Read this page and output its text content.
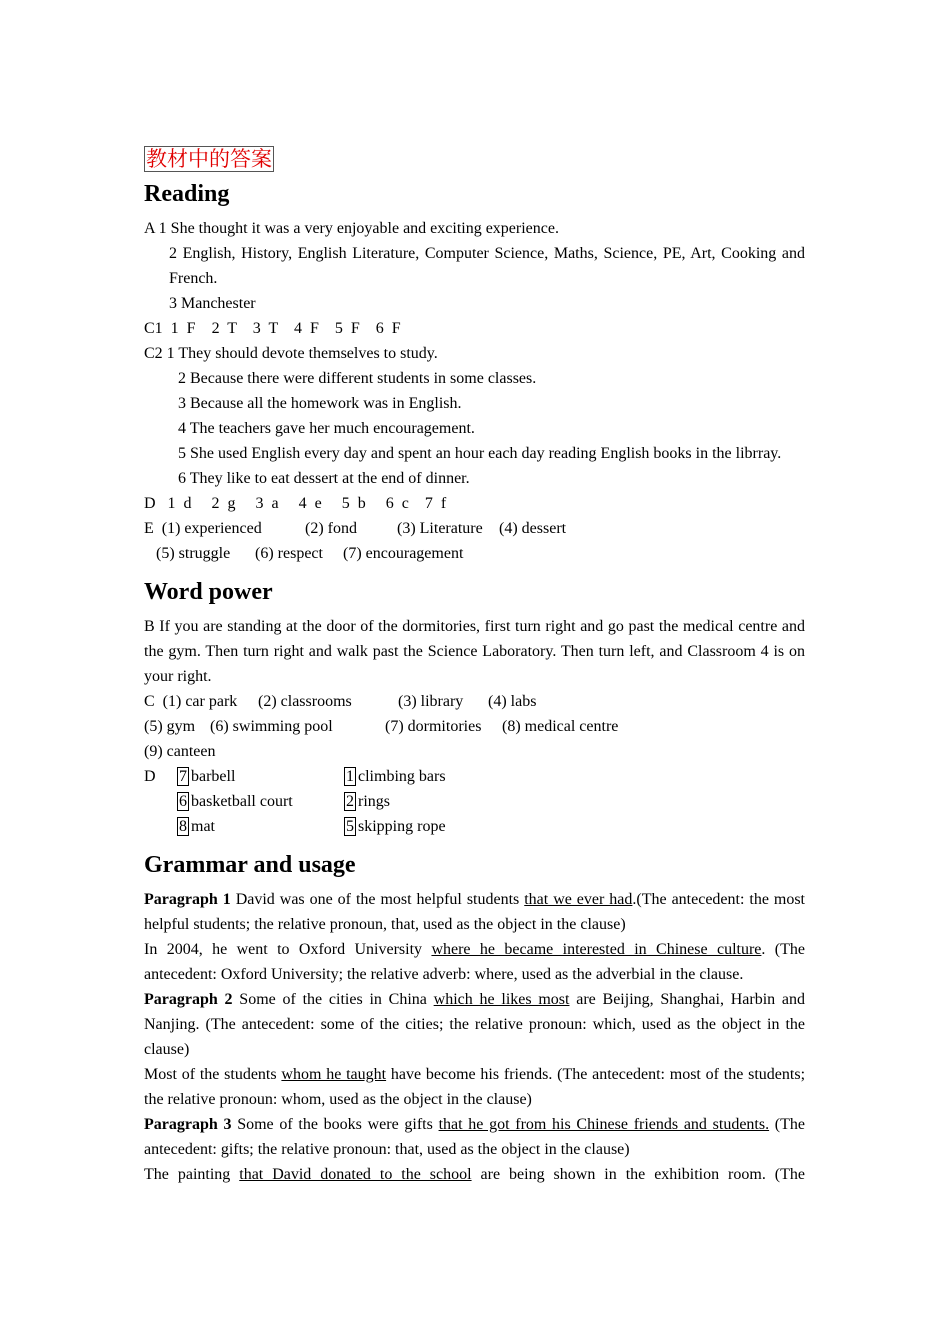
教材中的答案
Reading

A 1 She thought it was a very enjoyable and exciting experience.

2 English, History, English Literature, Computer Science, Maths, Science, PE, Art, Cooking and French.

3 Manchester

C1  1  F    2  T    3  T    4  F    5  F    6  F

C2 1 They should devote themselves to study.

2 Because there were different students in some classes.

3 Because all the homework was in English.

4 The teachers gave her much encouragement.

5 She used English every day and spent an hour each day reading English books in the librray.

6 They like to eat dessert at the end of dinner.

D   1  d     2  g     3  a     4  e     5  b     6  c    7  f

E  (1) experienced	(2) fond	(3) Literature	(4) dessert
(5) struggle	(6) respect	(7) encouragement
Word power

B If you are standing at the door of the dormitories, first turn right and go past the medical centre and the gym. Then turn right and walk past the Science Laboratory. Then turn left, and Classroom 4 is on your right.

C  (1) car park	(2) classrooms	(3) library	(4) labs
(5) gym (6) swimming pool	(7) dormitories	(8) medical centre

(9) canteen

D	7 barbell	1 climbing bars
6 basketball court	2 rings
8 mat	5 skipping rope
Grammar and usage

Paragraph 1 David was one of the most helpful students that we ever had.(The antecedent: the most helpful students; the relative pronoun, that, used as the object in the clause)

In 2004, he went to Oxford University where he became interested in Chinese culture. (The antecedent: Oxford University; the relative adverb: where, used as the adverbial in the clause.

Paragraph 2 Some of the cities in China which he likes most are Beijing, Shanghai, Harbin and Nanjing. (The antecedent: some of the cities; the relative pronoun: which, used as the object in the clause)

Most of the students whom he taught have become his friends. (The antecedent: most of the students; the relative pronoun: whom, used as the object in the clause)

Paragraph 3 Some of the books were gifts that he got from his Chinese friends and students. (The antecedent: gifts; the relative pronoun: that, used as the object in the clause)

The painting that David donated to the school are being shown in the exhibition room. (The
